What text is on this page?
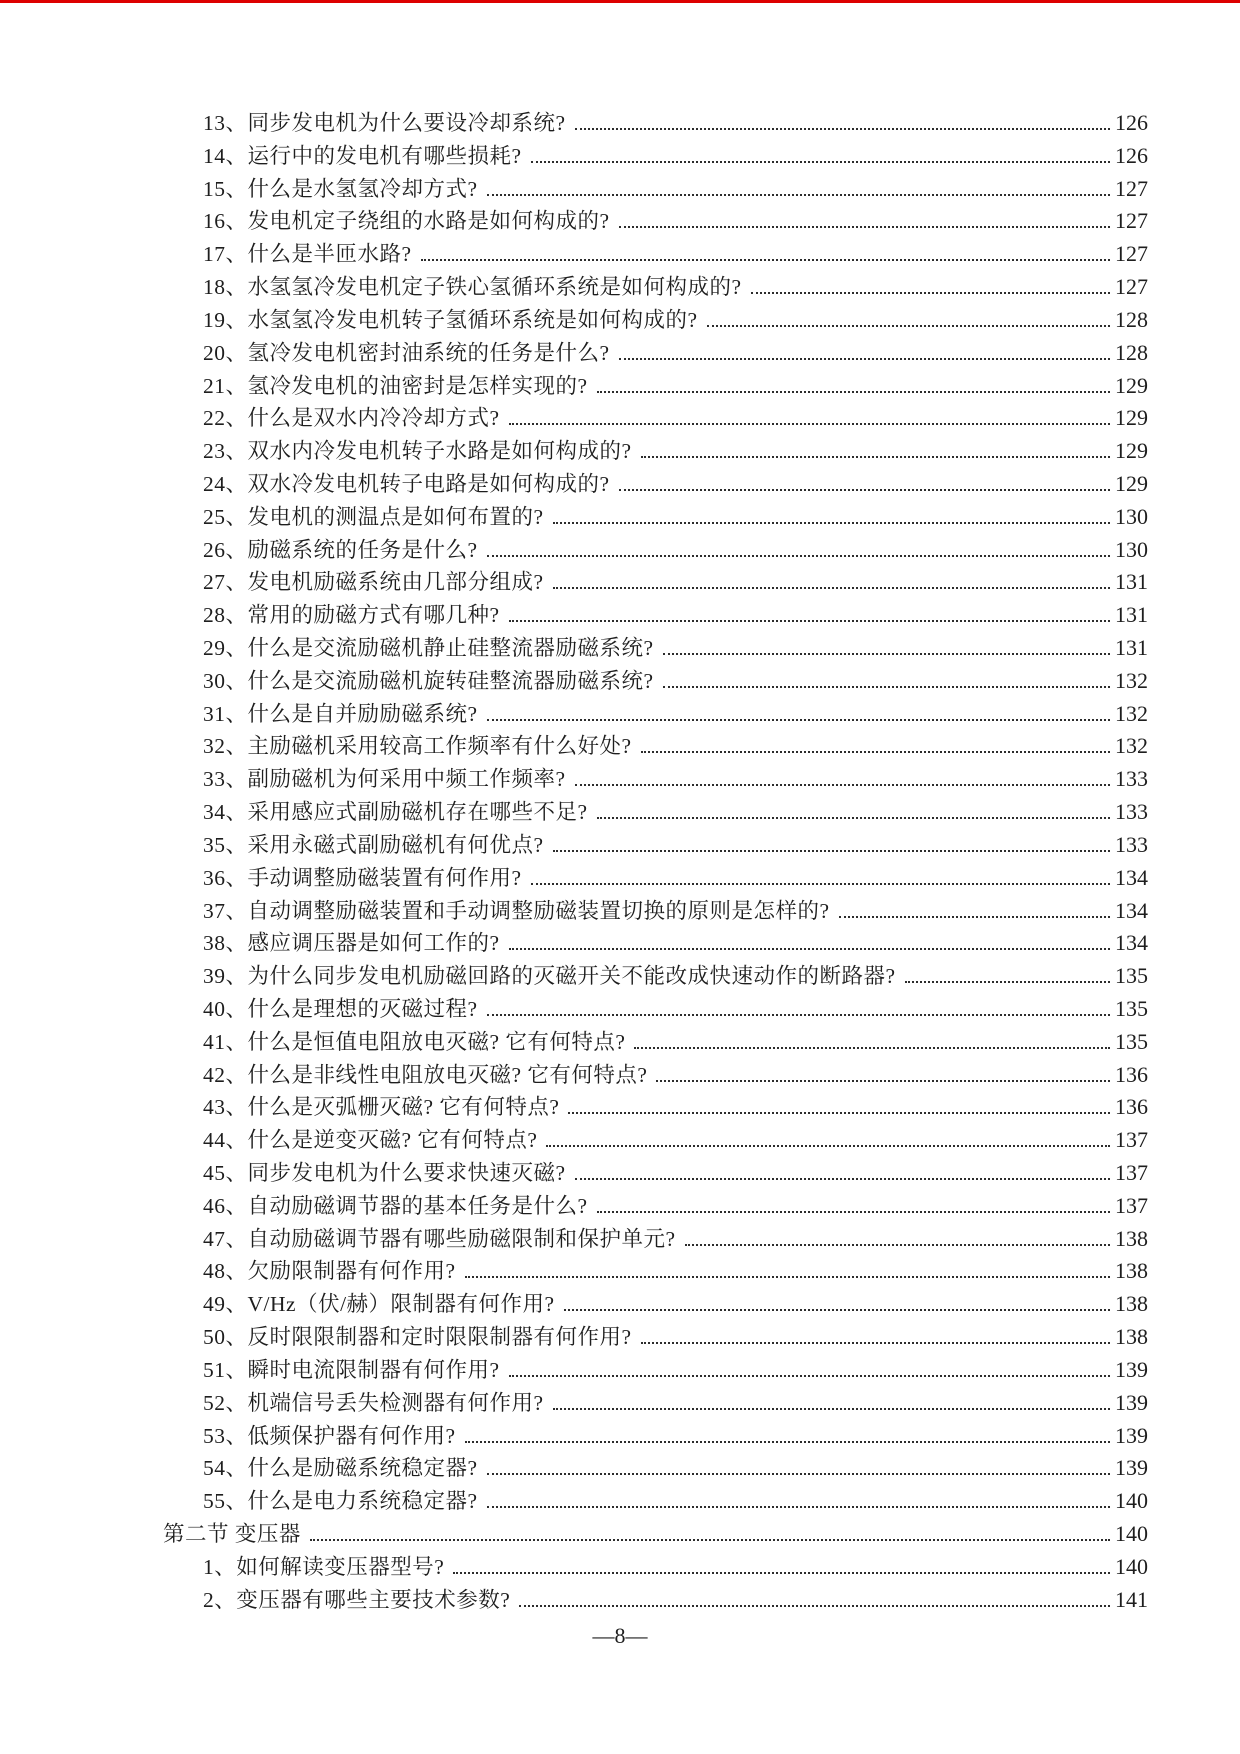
13、同步发电机为什么要设冷却系统?	126
14、运行中的发电机有哪些损耗?	126
15、什么是水氢氢冷却方式?	127
16、发电机定子绕组的水路是如何构成的?	127
17、什么是半匝水路?	127
18、水氢氢冷发电机定子铁心氢循环系统是如何构成的?	127
19、水氢氢冷发电机转子氢循环系统是如何构成的?	128
20、氢冷发电机密封油系统的任务是什么?	128
21、氢冷发电机的油密封是怎样实现的?	129
22、什么是双水内冷冷却方式?	129
23、双水内冷发电机转子水路是如何构成的?	129
24、双水冷发电机转子电路是如何构成的?	129
25、发电机的测温点是如何布置的?	130
26、励磁系统的任务是什么?	130
27、发电机励磁系统由几部分组成?	131
28、常用的励磁方式有哪几种?	131
29、什么是交流励磁机静止硅整流器励磁系统?	131
30、什么是交流励磁机旋转硅整流器励磁系统?	132
31、什么是自并励励磁系统?	132
32、主励磁机采用较高工作频率有什么好处?	132
33、副励磁机为何采用中频工作频率?	133
34、采用感应式副励磁机存在哪些不足?	133
35、采用永磁式副励磁机有何优点?	133
36、手动调整励磁装置有何作用?	134
37、自动调整励磁装置和手动调整励磁装置切换的原则是怎样的?	134
38、感应调压器是如何工作的?	134
39、为什么同步发电机励磁回路的灭磁开关不能改成快速动作的断路器?	135
40、什么是理想的灭磁过程?	135
41、什么是恒值电阻放电灭磁? 它有何特点?	135
42、什么是非线性电阻放电灭磁? 它有何特点?	136
43、什么是灭弧栅灭磁? 它有何特点?	136
44、什么是逆变灭磁? 它有何特点?	137
45、同步发电机为什么要求快速灭磁?	137
46、自动励磁调节器的基本任务是什么?	137
47、自动励磁调节器有哪些励磁限制和保护单元?	138
48、欠励限制器有何作用?	138
49、V/Hz（伏/赫）限制器有何作用?	138
50、反时限限制器和定时限限制器有何作用?	138
51、瞬时电流限制器有何作用?	139
52、机端信号丢失检测器有何作用?	139
53、低频保护器有何作用?	139
54、什么是励磁系统稳定器?	139
55、什么是电力系统稳定器?	140
第二节 变压器	140
1、如何解读变压器型号?	140
2、变压器有哪些主要技术参数?	141
—8—
